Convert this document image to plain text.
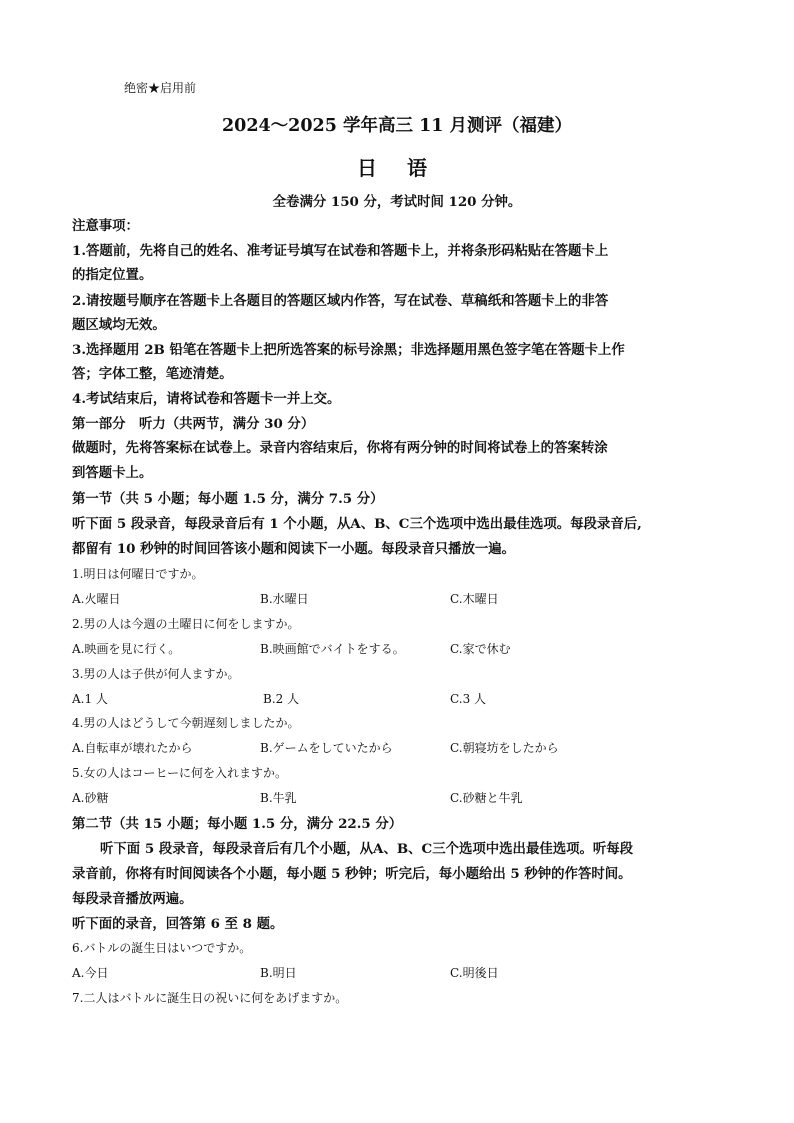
绝密★启用前
2024～2025 学年高三 11 月测评（福建）
日语
全卷满分 150 分，考试时间 120 分钟。
注意事项：
1.答题前，先将自己的姓名、准考证号填写在试卷和答题卡上，并将条形码粘贴在答题卡上
的指定位置。
2.请按题号顺序在答题卡上各题目的答题区域内作答，写在试卷、草稿纸和答题卡上的非答
题区域均无效。
3.选择题用 2B 铅笔在答题卡上把所选答案的标号涂黑；非选择题用黑色签字笔在答题卡上作
答；字体工整，笔迹清楚。
4.考试结束后，请将试卷和答题卡一并上交。
第一部分　听力（共两节，满分 30 分）
做题时，先将答案标在试卷上。录音内容结束后，你将有两分钟的时间将试卷上的答案转涂
到答题卡上。
第一节（共 5 小题；每小题 1.5 分，满分 7.5 分）
听下面 5 段录音，每段录音后有 1 个小题，从A、B、C三个选项中选出最佳选项。每段录音后,
都留有 10 秒钟的时间回答该小题和阅读下一小题。每段录音只播放一遍。
1.明日は何曜日ですか。
A.火曜日	B.水曜日	C.木曜日
2.男の人は今週の土曜日に何をしますか。
A.映画を見に行く。	B.映画館でバイトをする。	C.家で休む
3.男の人は子供が何人ますか。
A.1 人	B.2 人	C.3 人
4.男の人はどうして今朝遅刻しましたか。
A.自転車が壊れたから	B.ゲームをしていたから	C.朝寝坊をしたから
5.女の人はコーヒーに何を入れますか。
A.砂糖	B.牛乳	C.砂糖と牛乳
第二节（共 15 小题；每小题 1.5 分，满分 22.5 分）
听下面 5 段录音，每段录音后有几个小题，从A、B、C三个选项中选出最佳选项。听每段
录音前，你将有时间阅读各个小题，每小题 5 秒钟；听完后，每小题给出 5 秒钟的作答时间。
每段录音播放两遍。
听下面的录音，回答第 6 至 8 题。
6.バトルの誕生日はいつですか。
A.今日	B.明日	C.明後日
7.二人はバトルに誕生日の祝いに何をあげますか。
